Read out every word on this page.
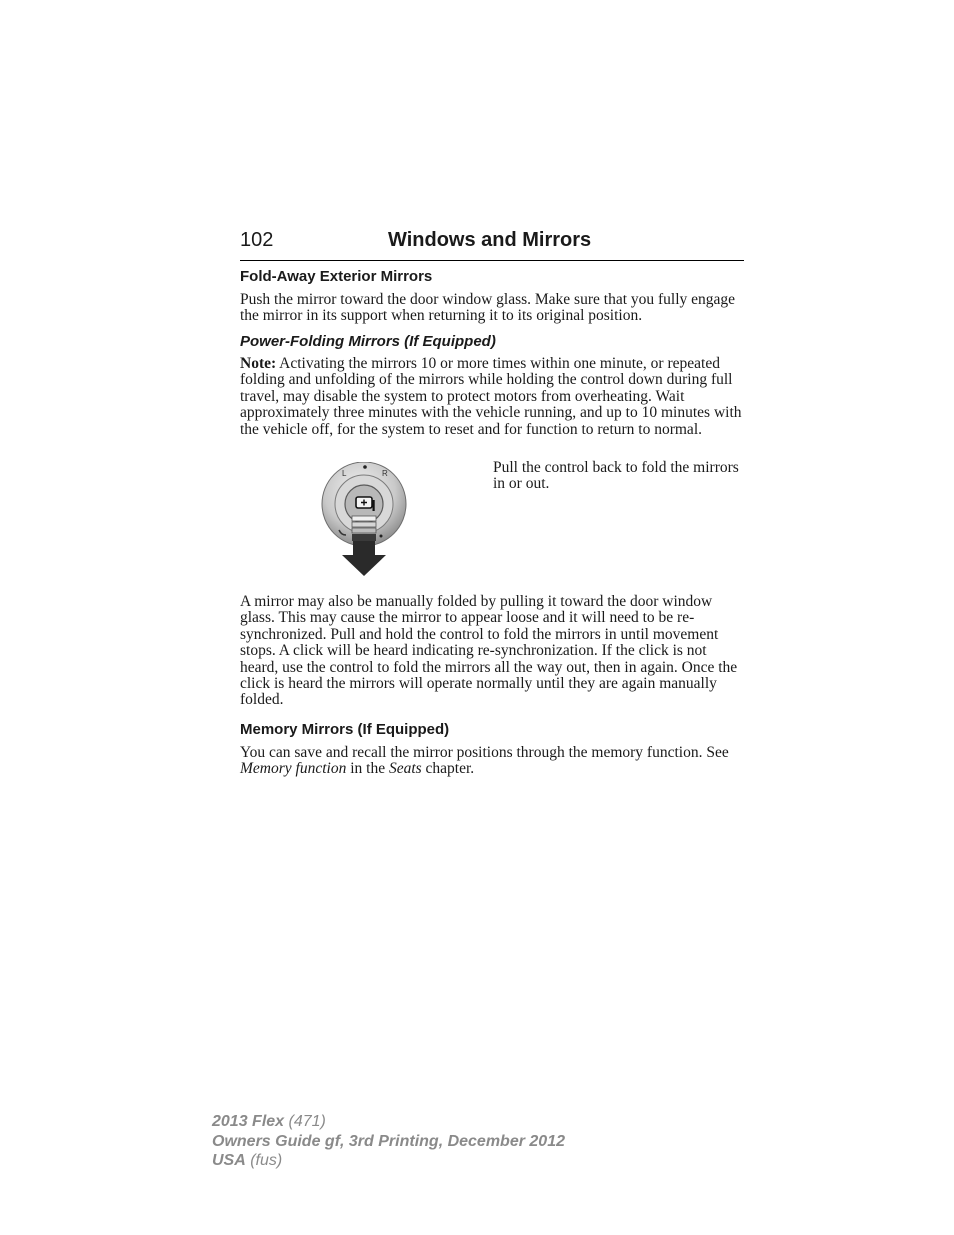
102	Windows and Mirrors
Fold-Away Exterior Mirrors

Push the mirror toward the door window glass. Make sure that you fully engage the mirror in its support when returning it to its original position.

Power-Folding Mirrors (If Equipped)

Note: Activating the mirrors 10 or more times within one minute, or repeated folding and unfolding of the mirrors while holding the control down during full travel, may disable the system to protect motors from overheating. Wait approximately three minutes with the vehicle running, and up to 10 minutes with the vehicle off, for the system to reset and for function to return to normal.

L	R	Pull the control back to fold the mirrors in or out.

A mirror may also be manually folded by pulling it toward the door window glass. This may cause the mirror to appear loose and it will need to be re-synchronized. Pull and hold the control to fold the mirrors in until movement stops. A click will be heard indicating re-synchronization. If the click is not heard, use the control to fold the mirrors all the way out, then in again. Once the click is heard the mirrors will operate normally until they are again manually folded.

Memory Mirrors (If Equipped)

You can save and recall the mirror positions through the memory function. See Memory function in the Seats chapter.

2013 Flex (471)
Owners Guide gf, 3rd Printing, December 2012
USA (fus)
